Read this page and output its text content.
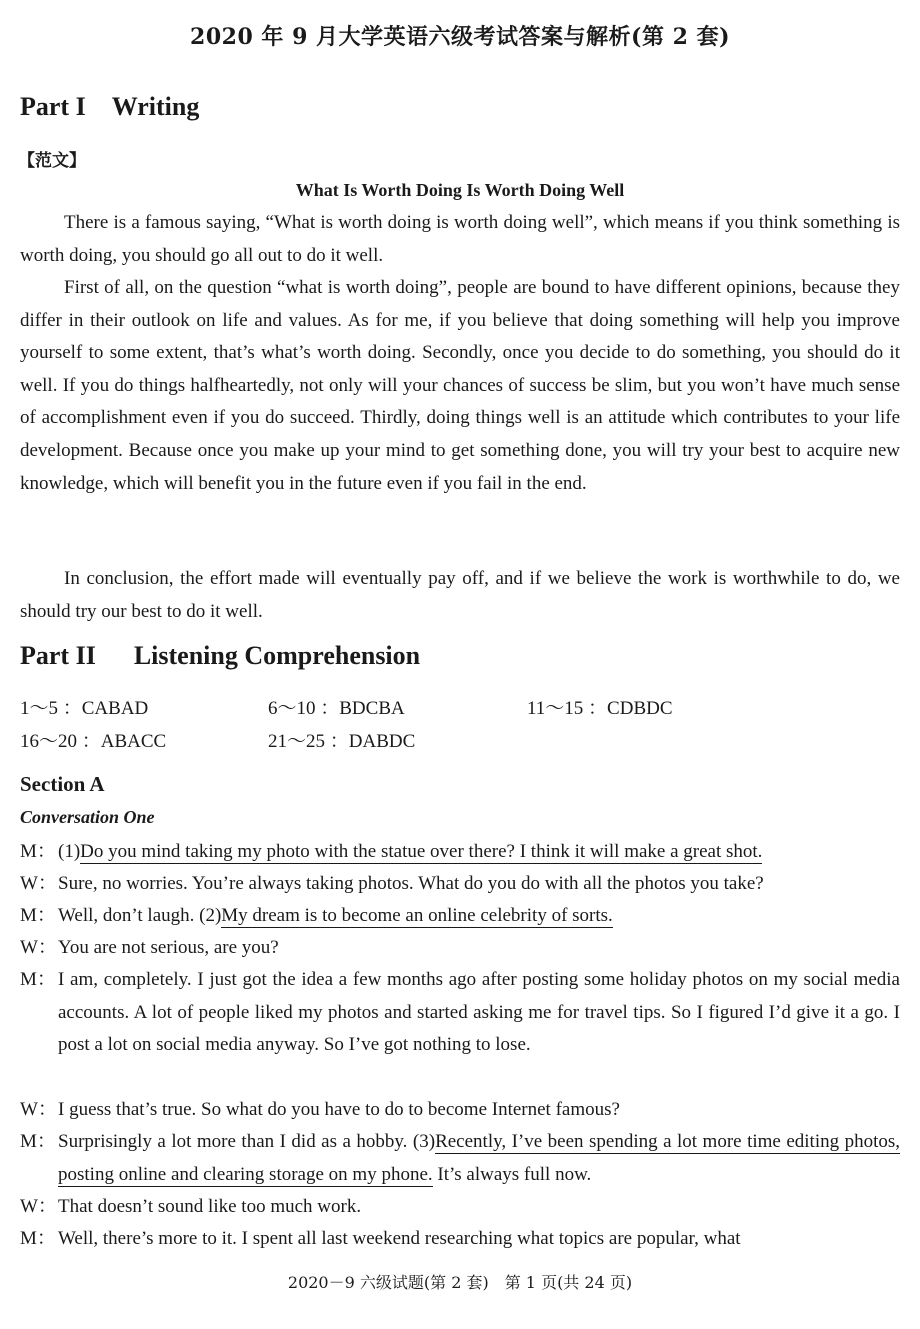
2020 年 9 月大学英语六级考试答案与解析(第 2 套)
Part I Writing
【范文】
What Is Worth Doing Is Worth Doing Well

There is a famous saying, “What is worth doing is worth doing well”, which means if you think something is worth doing, you should go all out to do it well.

First of all, on the question “what is worth doing”, people are bound to have different opinions, because they differ in their outlook on life and values. As for me, if you believe that doing something will help you improve yourself to some extent, that’s what’s worth doing. Secondly, once you decide to do something, you should do it well. If you do things halfheartedly, not only will your chances of success be slim, but you won’t have much sense of accomplishment even if you do succeed. Thirdly, doing things well is an attitude which contributes to your life development. Because once you make up your mind to get something done, you will try your best to acquire new knowledge, which will benefit you in the future even if you fail in the end.

In conclusion, the effort made will eventually pay off, and if we believe the work is worthwhile to do, we should try our best to do it well.

Part II Listening Comprehension
1～5 ：CABAD	6～10 ：BDCBA	11～15 ：CDBDC
16～20 ：ABACC	21～25 ：DABDC
Section A
Conversation One
M： (1)Do you mind taking my photo with the statue over there? I think it will make a great shot.
W：Sure, no worries. You’re always taking photos. What do you do with all the photos you take?
M： Well, don’t laugh. (2)My dream is to become an online celebrity of sorts.
W：You are not serious, are you?
M： I am, completely. I just got the idea a few months ago after posting some holiday photos on my social media accounts. A lot of people liked my photos and started asking me for travel tips. So I figured I’d give it a go. I post a lot on social media anyway. So I’ve got nothing to lose.
W：I guess that’s true. So what do you have to do to become Internet famous?
M： Surprisingly a lot more than I did as a hobby. (3)Recently, I’ve been spending a lot more time editing photos, posting online and clearing storage on my phone. It’s always full now.
W：That doesn’t sound like too much work.
M： Well, there’s more to it. I spent all last weekend researching what topics are popular, what
2020－9 六级试题(第 2 套)　第 1 页(共 24 页)
